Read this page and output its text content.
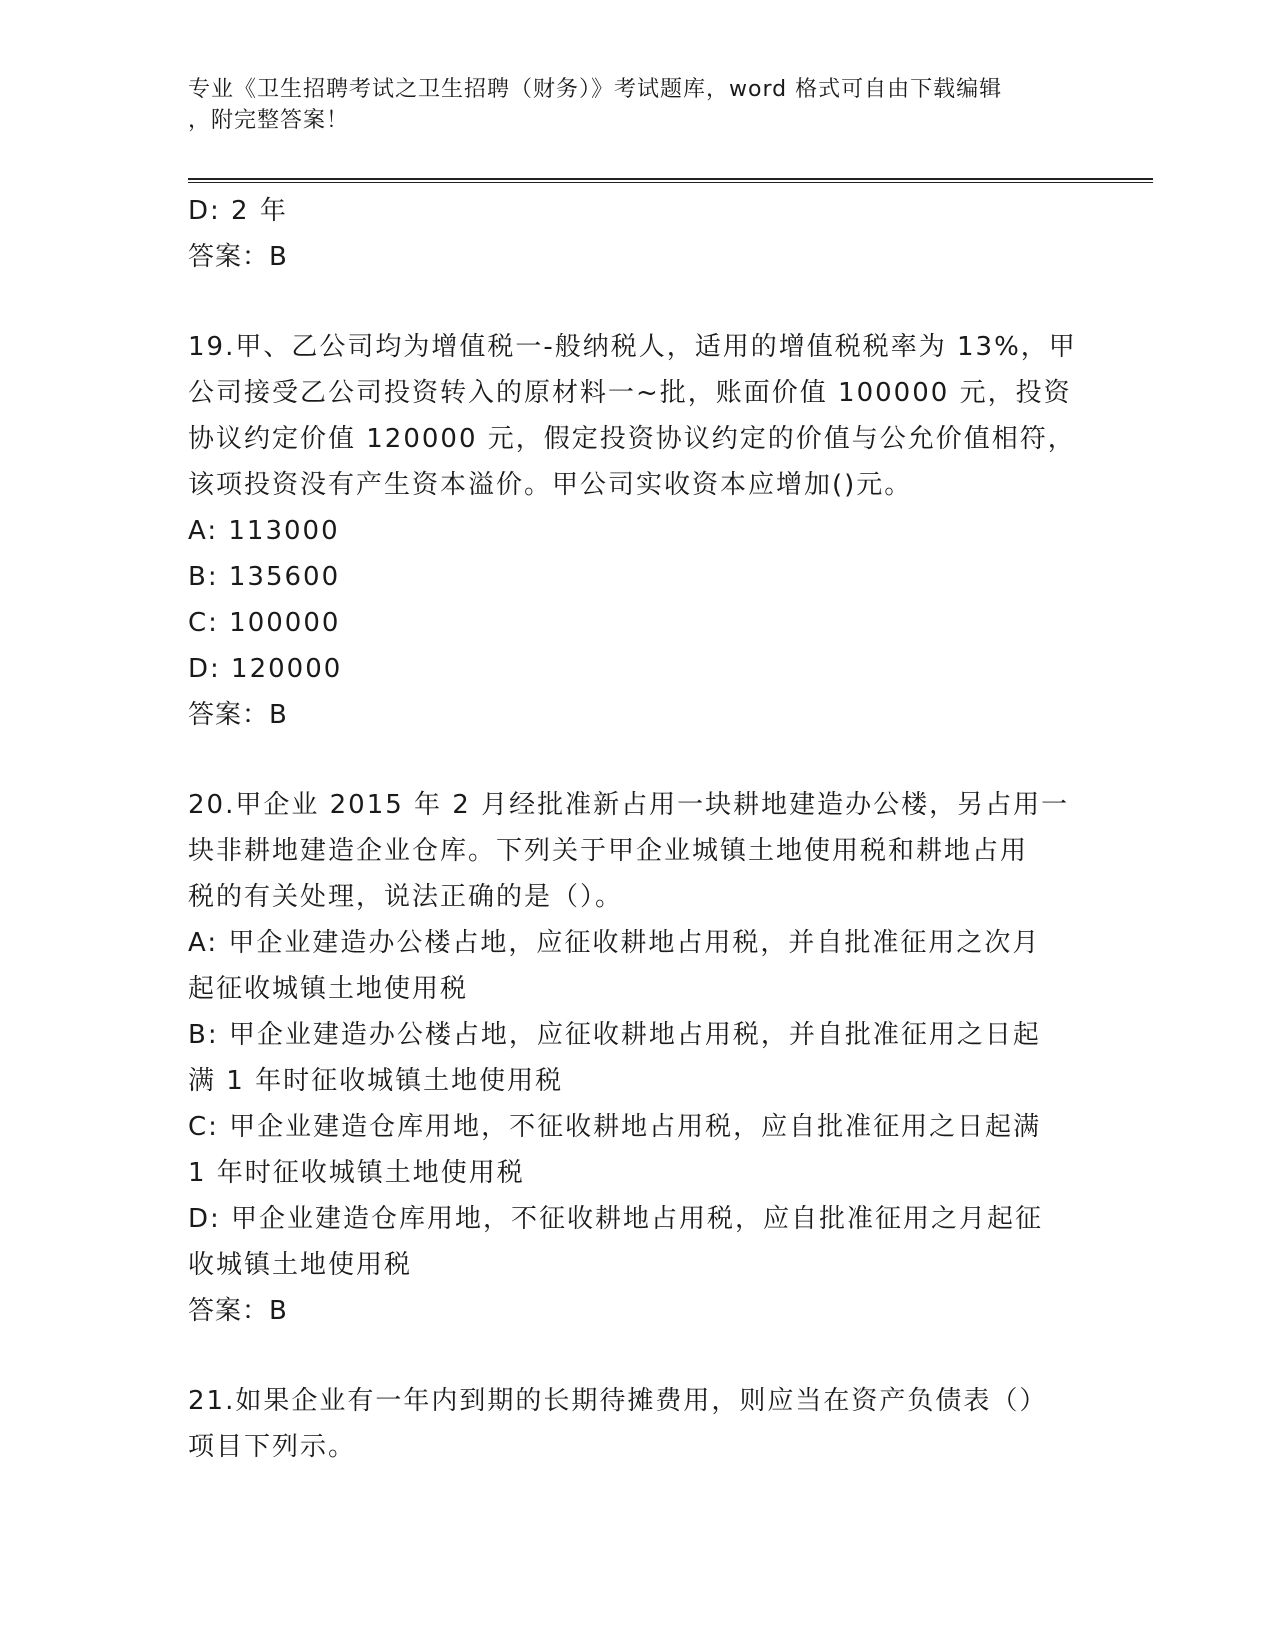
专业《卫生招聘考试之卫生招聘（财务）》考试题库，word 格式可自由下载编辑
，附完整答案！
D: 2 年
答案：B
19.甲、乙公司均为增值税一-般纳税人，适用的增值税税率为 13%，甲
公司接受乙公司投资转入的原材料一~批，账面价值 100000 元，投资
协议约定价值 120000 元，假定投资协议约定的价值与公允价值相符，
该项投资没有产生资本溢价。甲公司实收资本应增加()元。
A: 113000
B: 135600
C: 100000
D: 120000
答案：B
20.甲企业 2015 年 2 月经批准新占用一块耕地建造办公楼，另占用一
块非耕地建造企业仓库。下列关于甲企业城镇土地使用税和耕地占用
税的有关处理，说法正确的是（）。
A: 甲企业建造办公楼占地，应征收耕地占用税，并自批准征用之次月
起征收城镇土地使用税
B: 甲企业建造办公楼占地，应征收耕地占用税，并自批准征用之日起
满 1 年时征收城镇土地使用税
C: 甲企业建造仓库用地，不征收耕地占用税，应自批准征用之日起满
1 年时征收城镇土地使用税
D: 甲企业建造仓库用地，不征收耕地占用税，应自批准征用之月起征
收城镇土地使用税
答案：B
21.如果企业有一年内到期的长期待摊费用，则应当在资产负债表（）
项目下列示。
